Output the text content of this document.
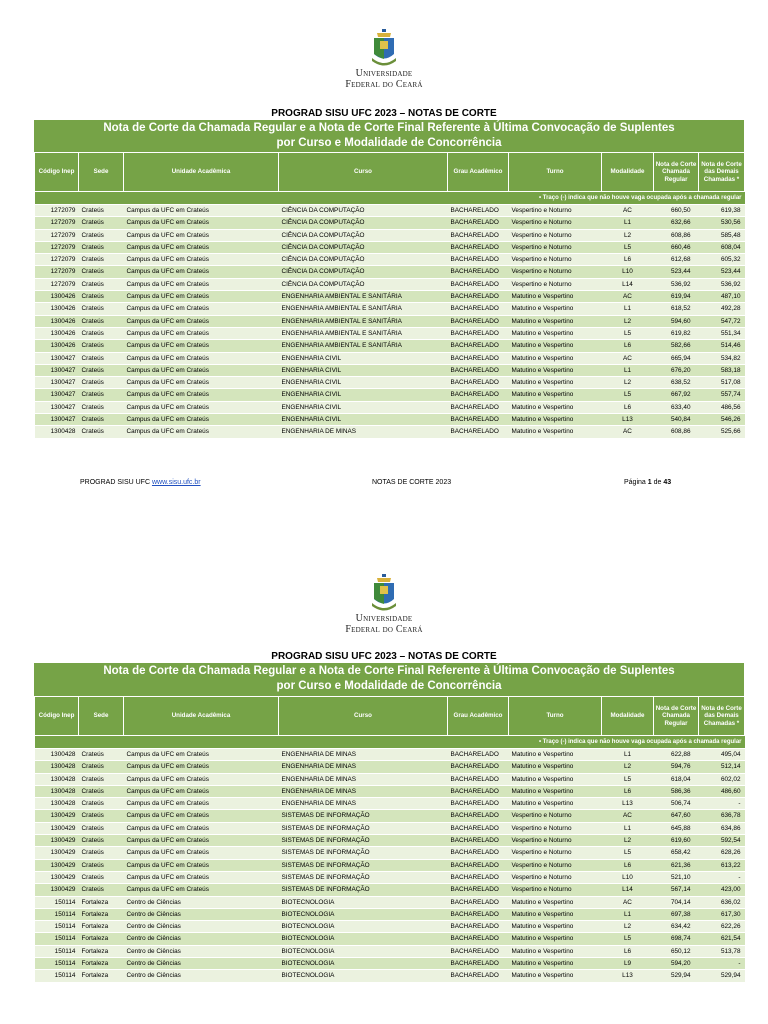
Universidade
Federal do Ceará
PROGRAD SISU UFC 2023 – NOTAS DE CORTE
Nota de Corte da Chamada Regular e a Nota de Corte Final Referente à Última Convocação de Suplentes
por Curso e Modalidade de Concorrência
Código Inep	Sede	Unidade Acadêmica	Curso	Grau Acadêmico	Turno	Modalidade	Nota de Corte Chamada Regular	Nota de Corte das Demais Chamadas *
• Traço (-) indica que não houve vaga ocupada após a chamada regular								
1272079	Crateús	Campus da UFC em Crateús	CIÊNCIA DA COMPUTAÇÃO	BACHARELADO	Vespertino e Noturno	AC	660,50	619,38
1272079	Crateús	Campus da UFC em Crateús	CIÊNCIA DA COMPUTAÇÃO	BACHARELADO	Vespertino e Noturno	L1	632,66	530,56
1272079	Crateús	Campus da UFC em Crateús	CIÊNCIA DA COMPUTAÇÃO	BACHARELADO	Vespertino e Noturno	L2	608,86	585,48
1272079	Crateús	Campus da UFC em Crateús	CIÊNCIA DA COMPUTAÇÃO	BACHARELADO	Vespertino e Noturno	L5	660,46	608,04
1272079	Crateús	Campus da UFC em Crateús	CIÊNCIA DA COMPUTAÇÃO	BACHARELADO	Vespertino e Noturno	L6	612,68	605,32
1272079	Crateús	Campus da UFC em Crateús	CIÊNCIA DA COMPUTAÇÃO	BACHARELADO	Vespertino e Noturno	L10	523,44	523,44
1272079	Crateús	Campus da UFC em Crateús	CIÊNCIA DA COMPUTAÇÃO	BACHARELADO	Vespertino e Noturno	L14	536,92	536,92
1300426	Crateús	Campus da UFC em Crateús	ENGENHARIA AMBIENTAL E SANITÁRIA	BACHARELADO	Matutino e Vespertino	AC	619,94	487,10
1300426	Crateús	Campus da UFC em Crateús	ENGENHARIA AMBIENTAL E SANITÁRIA	BACHARELADO	Matutino e Vespertino	L1	618,52	492,28
1300426	Crateús	Campus da UFC em Crateús	ENGENHARIA AMBIENTAL E SANITÁRIA	BACHARELADO	Matutino e Vespertino	L2	594,60	547,72
1300426	Crateús	Campus da UFC em Crateús	ENGENHARIA AMBIENTAL E SANITÁRIA	BACHARELADO	Matutino e Vespertino	L5	619,82	551,34
1300426	Crateús	Campus da UFC em Crateús	ENGENHARIA AMBIENTAL E SANITÁRIA	BACHARELADO	Matutino e Vespertino	L6	582,66	514,46
1300427	Crateús	Campus da UFC em Crateús	ENGENHARIA CIVIL	BACHARELADO	Matutino e Vespertino	AC	665,94	534,82
1300427	Crateús	Campus da UFC em Crateús	ENGENHARIA CIVIL	BACHARELADO	Matutino e Vespertino	L1	676,20	583,18
1300427	Crateús	Campus da UFC em Crateús	ENGENHARIA CIVIL	BACHARELADO	Matutino e Vespertino	L2	638,52	517,08
1300427	Crateús	Campus da UFC em Crateús	ENGENHARIA CIVIL	BACHARELADO	Matutino e Vespertino	L5	667,92	557,74
1300427	Crateús	Campus da UFC em Crateús	ENGENHARIA CIVIL	BACHARELADO	Matutino e Vespertino	L6	633,40	486,56
1300427	Crateús	Campus da UFC em Crateús	ENGENHARIA CIVIL	BACHARELADO	Matutino e Vespertino	L13	540,84	546,26
1300428	Crateús	Campus da UFC em Crateús	ENGENHARIA DE MINAS	BACHARELADO	Matutino e Vespertino	AC	608,86	525,66
PROGRAD SISU UFC www.sisu.ufc.br	NOTAS DE CORTE 2023	Página 1 de 43
Universidade
Federal do Ceará
PROGRAD SISU UFC 2023 – NOTAS DE CORTE
Nota de Corte da Chamada Regular e a Nota de Corte Final Referente à Última Convocação de Suplentes
por Curso e Modalidade de Concorrência
Código Inep	Sede	Unidade Acadêmica	Curso	Grau Acadêmico	Turno	Modalidade	Nota de Corte Chamada Regular	Nota de Corte das Demais Chamadas *
• Traço (-) indica que não houve vaga ocupada após a chamada regular								
1300428	Crateús	Campus da UFC em Crateús	ENGENHARIA DE MINAS	BACHARELADO	Matutino e Vespertino	L1	622,88	495,04
1300428	Crateús	Campus da UFC em Crateús	ENGENHARIA DE MINAS	BACHARELADO	Matutino e Vespertino	L2	594,76	512,14
1300428	Crateús	Campus da UFC em Crateús	ENGENHARIA DE MINAS	BACHARELADO	Matutino e Vespertino	L5	618,04	602,02
1300428	Crateús	Campus da UFC em Crateús	ENGENHARIA DE MINAS	BACHARELADO	Matutino e Vespertino	L6	586,36	486,60
1300428	Crateús	Campus da UFC em Crateús	ENGENHARIA DE MINAS	BACHARELADO	Matutino e Vespertino	L13	506,74	-
1300429	Crateús	Campus da UFC em Crateús	SISTEMAS DE INFORMAÇÃO	BACHARELADO	Vespertino e Noturno	AC	647,60	636,78
1300429	Crateús	Campus da UFC em Crateús	SISTEMAS DE INFORMAÇÃO	BACHARELADO	Vespertino e Noturno	L1	645,88	634,86
1300429	Crateús	Campus da UFC em Crateús	SISTEMAS DE INFORMAÇÃO	BACHARELADO	Vespertino e Noturno	L2	619,60	592,54
1300429	Crateús	Campus da UFC em Crateús	SISTEMAS DE INFORMAÇÃO	BACHARELADO	Vespertino e Noturno	L5	658,42	628,26
1300429	Crateús	Campus da UFC em Crateús	SISTEMAS DE INFORMAÇÃO	BACHARELADO	Vespertino e Noturno	L6	621,36	613,22
1300429	Crateús	Campus da UFC em Crateús	SISTEMAS DE INFORMAÇÃO	BACHARELADO	Vespertino e Noturno	L10	521,10	-
1300429	Crateús	Campus da UFC em Crateús	SISTEMAS DE INFORMAÇÃO	BACHARELADO	Vespertino e Noturno	L14	567,14	423,00
150114	Fortaleza	Centro de Ciências	BIOTECNOLOGIA	BACHARELADO	Matutino e Vespertino	AC	704,14	636,02
150114	Fortaleza	Centro de Ciências	BIOTECNOLOGIA	BACHARELADO	Matutino e Vespertino	L1	697,38	617,30
150114	Fortaleza	Centro de Ciências	BIOTECNOLOGIA	BACHARELADO	Matutino e Vespertino	L2	634,42	622,26
150114	Fortaleza	Centro de Ciências	BIOTECNOLOGIA	BACHARELADO	Matutino e Vespertino	L5	698,74	621,54
150114	Fortaleza	Centro de Ciências	BIOTECNOLOGIA	BACHARELADO	Matutino e Vespertino	L6	650,12	513,78
150114	Fortaleza	Centro de Ciências	BIOTECNOLOGIA	BACHARELADO	Matutino e Vespertino	L9	594,20	-
150114	Fortaleza	Centro de Ciências	BIOTECNOLOGIA	BACHARELADO	Matutino e Vespertino	L13	529,94	529,94
